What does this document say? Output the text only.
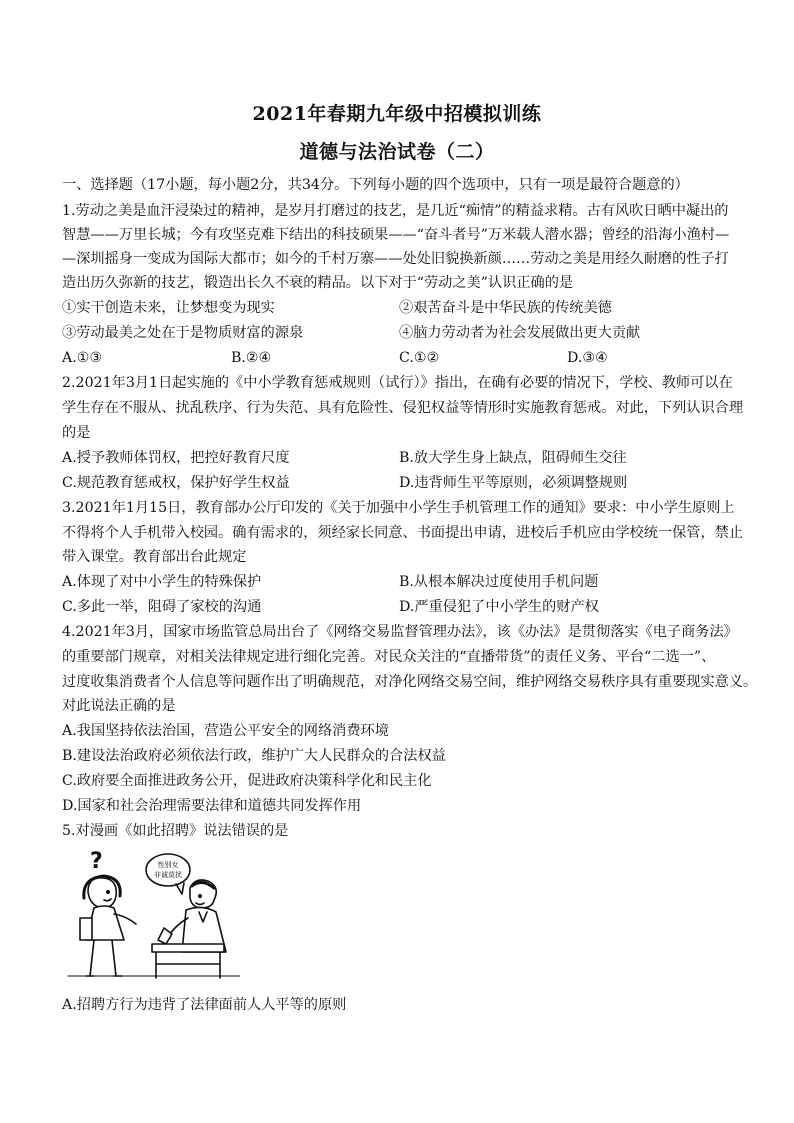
2021年春期九年级中招模拟训练
道德与法治试卷（二）
一、选择题（17小题，每小题2分，共34分。下列每小题的四个选项中，只有一项是最符合题意的）
1.劳动之美是血汗浸染过的精神，是岁月打磨过的技艺，是几近“痴情”的精益求精。古有风吹日晒中凝出的
智慧——万里长城；今有攻坚克难下结出的科技硕果——“奋斗者号”万米载人潜水器；曾经的沿海小渔村—
—深圳摇身一变成为国际大都市；如今的千村万寨——处处旧貌换新颜……劳动之美是用经久耐磨的性子打
造出历久弥新的技艺，锻造出长久不衰的精品。以下对于“劳动之美”认识正确的是
①实干创造未来，让梦想变为现实	②艰苦奋斗是中华民族的传统美德
③劳动最美之处在于是物质财富的源泉	④脑力劳动者为社会发展做出更大贡献
A.①③	B.②④	C.①②	D.③④
2.2021年3月1日起实施的《中小学教育惩戒规则（试行）》指出，在确有必要的情况下，学校、教师可以在
学生存在不服从、扰乱秩序、行为失范、具有危险性、侵犯权益等情形时实施教育惩戒。对此，下列认识合理
的是
A.授予教师体罚权，把控好教育尺度	B.放大学生身上缺点，阻碍师生交往
C.规范教育惩戒权，保护好学生权益	D.违背师生平等原则，必须调整规则
3.2021年1月15日，教育部办公厅印发的《关于加强中小学生手机管理工作的通知》要求：中小学生原则上
不得将个人手机带入校园。确有需求的，须经家长同意、书面提出申请，进校后手机应由学校统一保管，禁止
带入课堂。教育部出台此规定
A.体现了对中小学生的特殊保护	B.从根本解决过度使用手机问题
C.多此一举，阻碍了家校的沟通	D.严重侵犯了中小学生的财产权
4.2021年3月，国家市场监管总局出台了《网络交易监督管理办法》，该《办法》是贯彻落实《电子商务法》
的重要部门规章，对相关法律规定进行细化完善。对民众关注的“直播带货”的责任义务、平台“二选一”、
过度收集消费者个人信息等问题作出了明确规范，对净化网络交易空间，维护网络交易秩序具有重要现实意义。
对此说法正确的是
A.我国坚持依法治国，营造公平安全的网络消费环境
B.建设法治政府必须依法行政，维护广大人民群众的合法权益
C.政府要全面推进政务公开，促进政府决策科学化和民主化
D.国家和社会治理需要法律和道德共同发挥作用
5.对漫画《如此招聘》说法错误的是
?	性别女
非诚莫扰
A.招聘方行为违背了法律面前人人平等的原则
